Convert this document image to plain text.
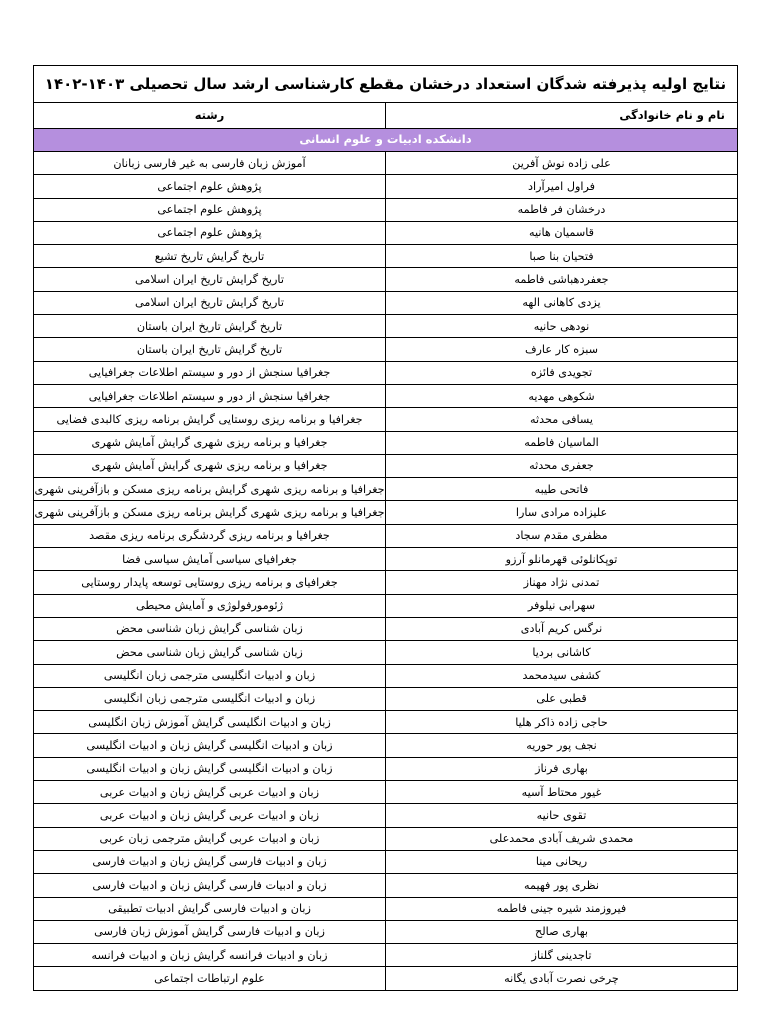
نتایج اولیه پذیرفته شدگان استعداد درخشان مقطع کارشناسی ارشد سال تحصیلی ۱۴۰۳-۱۴۰۲	
نام و نام خانوادگی	رشته
دانشکده ادبیات و علوم انسانی	
علی زاده نوش آفرین	آموزش زبان فارسی به غیر فارسی زبانان
فراول امیرآراد	پژوهش علوم اجتماعی
درخشان فر فاطمه	پژوهش علوم اجتماعی
قاسمیان هانیه	پژوهش علوم اجتماعی
فتحیان بنا صبا	تاریخ گرایش تاریخ تشیع
جعفردهباشی فاطمه	تاریخ گرایش تاریخ ایران اسلامی
یزدی کاهانی الهه	تاریخ گرایش تاریخ ایران اسلامی
نودهی حانیه	تاریخ گرایش تاریخ ایران باستان
سبزه کار عارف	تاریخ گرایش تاریخ ایران باستان
تجویدی فائزه	جغرافیا سنجش از دور و سیستم اطلاعات جغرافیایی
شکوهی مهدیه	جغرافیا سنجش از دور و سیستم اطلاعات جغرافیایی
یسافی محدثه	جغرافیا و برنامه ریزی روستایی گرایش برنامه ریزی کالبدی فضایی
الماسیان فاطمه	جغرافیا و برنامه ریزی شهری گرایش آمایش شهری
جعفری محدثه	جغرافیا و برنامه ریزی شهری گرایش آمایش شهری
فاتحی طیبه	جغرافیا و برنامه ریزی شهری گرایش برنامه ریزی مسکن و بازآفرینی شهری
علیزاده مرادی سارا	جغرافیا و برنامه ریزی شهری گرایش برنامه ریزی مسکن و بازآفرینی شهری
مظفری مقدم سجاد	جغرافیا و برنامه ریزی گردشگری برنامه ریزی مقصد
توپکانلوئی قهرمانلو آرزو	جغرافیای سیاسی آمایش سیاسی فضا
تمدنی نژاد مهناز	جغرافیای و برنامه ریزی روستایی توسعه پایدار روستایی
سهرابی نیلوفر	ژئومورفولوژی و آمایش محیطی
نرگس کریم آبادی	زبان شناسی گرایش زبان شناسی محض
کاشانی بردیا	زبان شناسی گرایش زبان شناسی محض
کشفی سیدمحمد	زبان و ادبیات انگلیسی مترجمی زبان انگلیسی
قطبی علی	زبان و ادبیات انگلیسی مترجمی زبان انگلیسی
حاجی زاده ذاکر هلیا	زبان و ادبیات انگلیسی گرایش آموزش زبان انگلیسی
نجف پور حوریه	زبان و ادبیات انگلیسی گرایش زبان و ادبیات انگلیسی
بهاری فرناز	زبان و ادبیات انگلیسی گرایش زبان و ادبیات انگلیسی
غیور محتاط آسیه	زبان و ادبیات عربی گرایش زبان و ادبیات عربی
تقوی حانیه	زبان و ادبیات عربی گرایش زبان و ادبیات عربی
محمدی شریف آبادی محمدعلی	زبان و ادبیات عربی گرایش مترجمی زبان عربی
ریحانی مینا	زبان و ادبیات فارسی گرایش زبان و ادبیات فارسی
نظری پور فهیمه	زبان و ادبیات فارسی گرایش زبان و ادبیات فارسی
فیروزمند شیره جینی فاطمه	زبان و ادبیات فارسی گرایش ادبیات تطبیقی
بهاری صالح	زبان و ادبیات فارسی گرایش آموزش زبان فارسی
تاجدینی گلناز	زبان و ادبیات فرانسه گرایش زبان و ادبیات فرانسه
چرخی نصرت آبادی یگانه	علوم ارتباطات اجتماعی
